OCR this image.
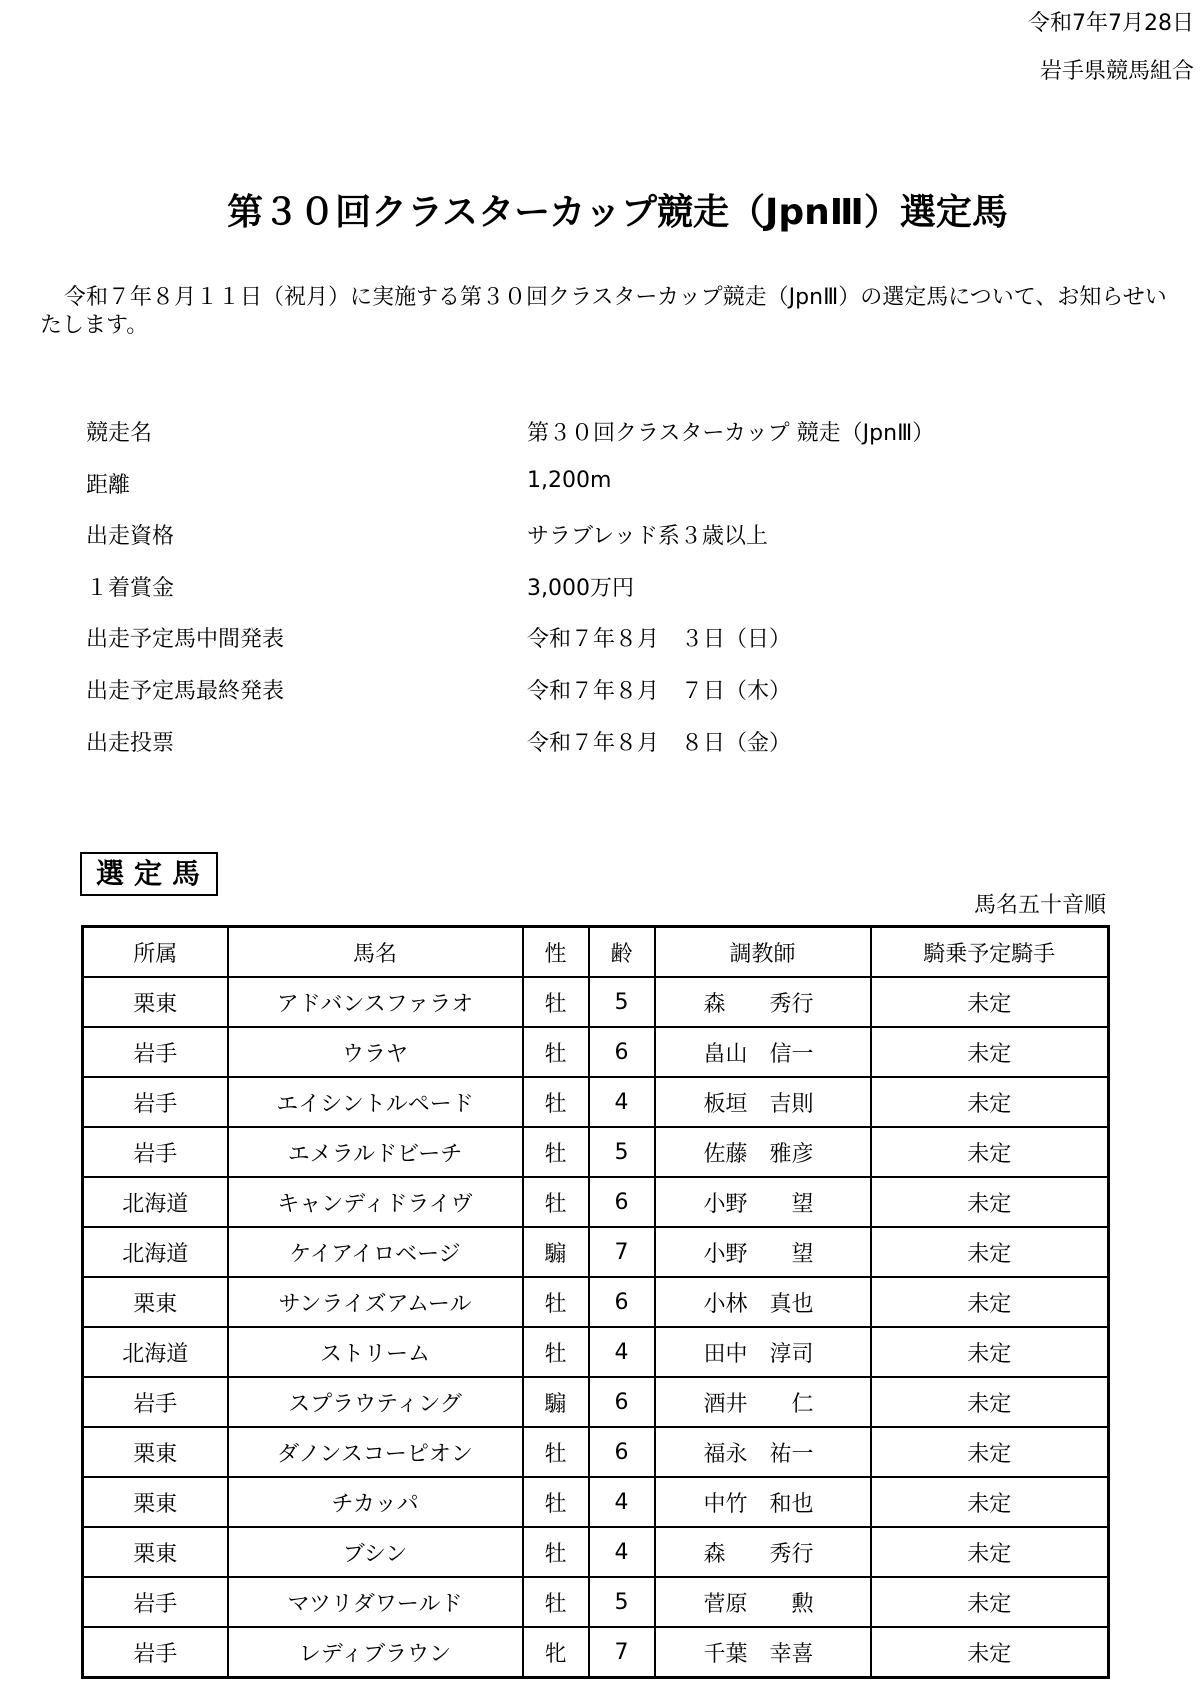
令和7年7月28日
岩手県競馬組合
第３０回クラスターカップ競走（JpnⅢ）選定馬
令和７年８月１１日（祝月）に実施する第３０回クラスターカップ競走（JpnⅢ）の選定馬について、お知らせいたします。
競走名	第３０回クラスターカップ 競走（JpnⅢ）
距離	1,200m
出走資格	サラブレッド系３歳以上
１着賞金	3,000万円
出走予定馬中間発表	令和７年８月　３日（日）
出走予定馬最終発表	令和７年８月　７日（木）
出走投票	令和７年８月　８日（金）
選定馬
馬名五十音順
所属	馬名	性	齢	調教師	騎乗予定騎手
栗東	アドバンスファラオ	牡	5	森　　秀行	未定
岩手	ウラヤ	牡	6	畠山　信一	未定
岩手	エイシントルペード	牡	4	板垣　吉則	未定
岩手	エメラルドビーチ	牡	5	佐藤　雅彦	未定
北海道	キャンディドライヴ	牡	6	小野　　望	未定
北海道	ケイアイロベージ	騸	7	小野　　望	未定
栗東	サンライズアムール	牡	6	小林　真也	未定
北海道	ストリーム	牡	4	田中　淳司	未定
岩手	スプラウティング	騸	6	酒井　　仁	未定
栗東	ダノンスコーピオン	牡	6	福永　祐一	未定
栗東	チカッパ	牡	4	中竹　和也	未定
栗東	ブシン	牡	4	森　　秀行	未定
岩手	マツリダワールド	牡	5	菅原　　勲	未定
岩手	レディブラウン	牝	7	千葉　幸喜	未定
